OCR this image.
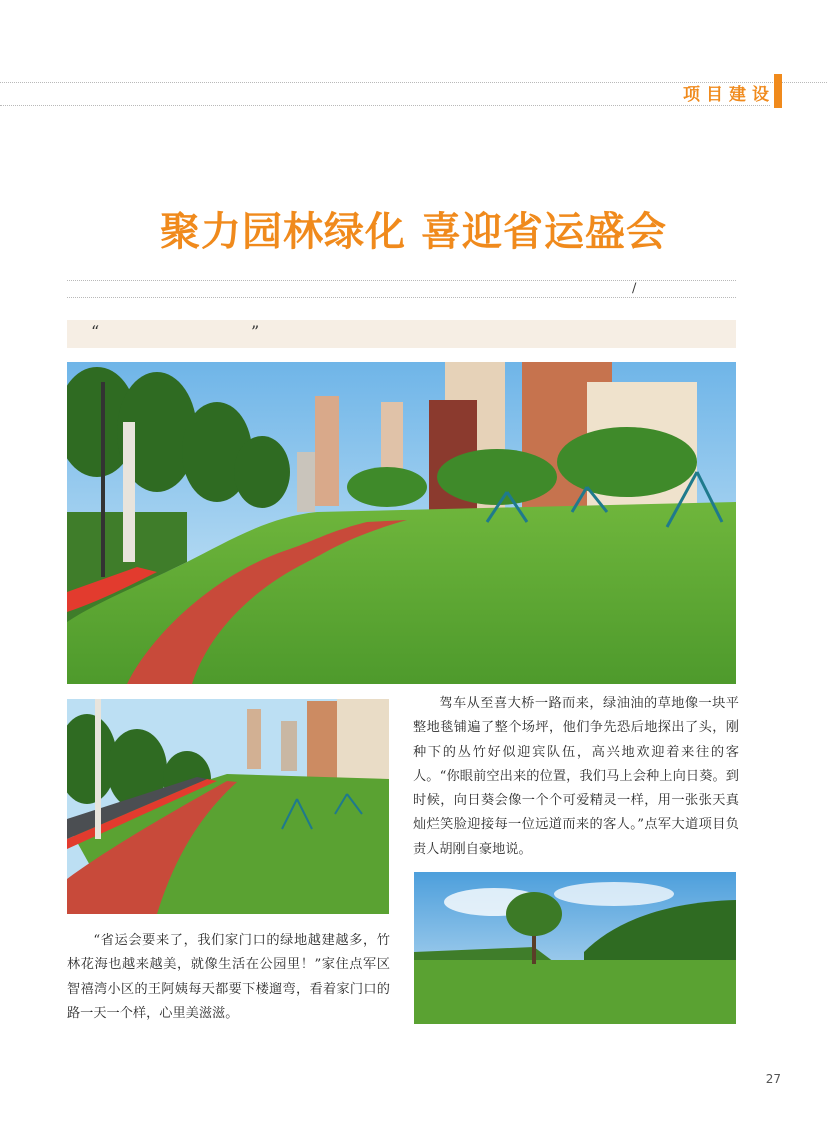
项目建设
聚力园林绿化 喜迎省运盛会
/
“	”

驾车从至喜大桥一路而来，绿油油的草地像一块平整地毯铺遍了整个场坪，他们争先恐后地探出了头，刚种下的丛竹好似迎宾队伍，高兴地欢迎着来往的客人。“你眼前空出来的位置，我们马上会种上向日葵。到时候，向日葵会像一个个可爱精灵一样，用一张张天真灿烂笑脸迎接每一位远道而来的客人。”点军大道项目负责人胡刚自豪地说。

“省运会要来了，我们家门口的绿地越建越多，竹林花海也越来越美，就像生活在公园里！”家住点军区智禧湾小区的王阿姨每天都要下楼遛弯，看着家门口的路一天一个样，心里美滋滋。

27
